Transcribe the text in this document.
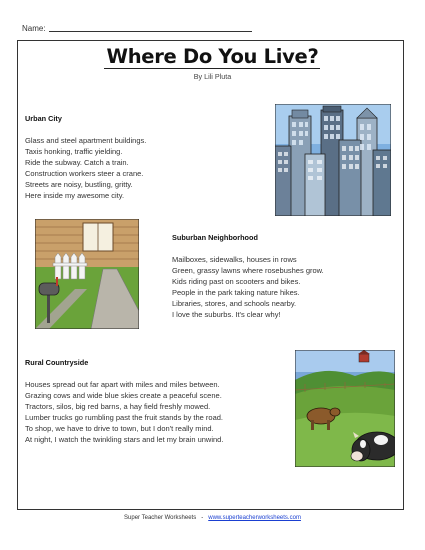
Name:
Where Do You Live?
By Lili Pluta
Urban City
Glass and steel apartment buildings.
Taxis honking, traffic yielding.
Ride the subway. Catch a train.
Construction workers steer a crane.
Streets are noisy, bustling, gritty.
Here inside my awesome city.
Suburban Neighborhood
Mailboxes, sidewalks, houses in rows
Green, grassy lawns where rosebushes grow.
Kids riding past on scooters and bikes.
People in the park taking nature hikes.
Libraries, stores, and schools nearby.
I love the suburbs. It's clear why!
Rural Countryside
Houses spread out far apart with miles and miles between.
Grazing cows and wide blue skies create a peaceful scene.
Tractors, silos, big red barns, a hay field freshly mowed.
Lumber trucks go rumbling past the fruit stands by the road.
To shop, we have to drive to town, but I don't really mind.
At night, I watch the twinkling stars and let my brain unwind.
Super Teacher Worksheets - www.superteacherworksheets.com
